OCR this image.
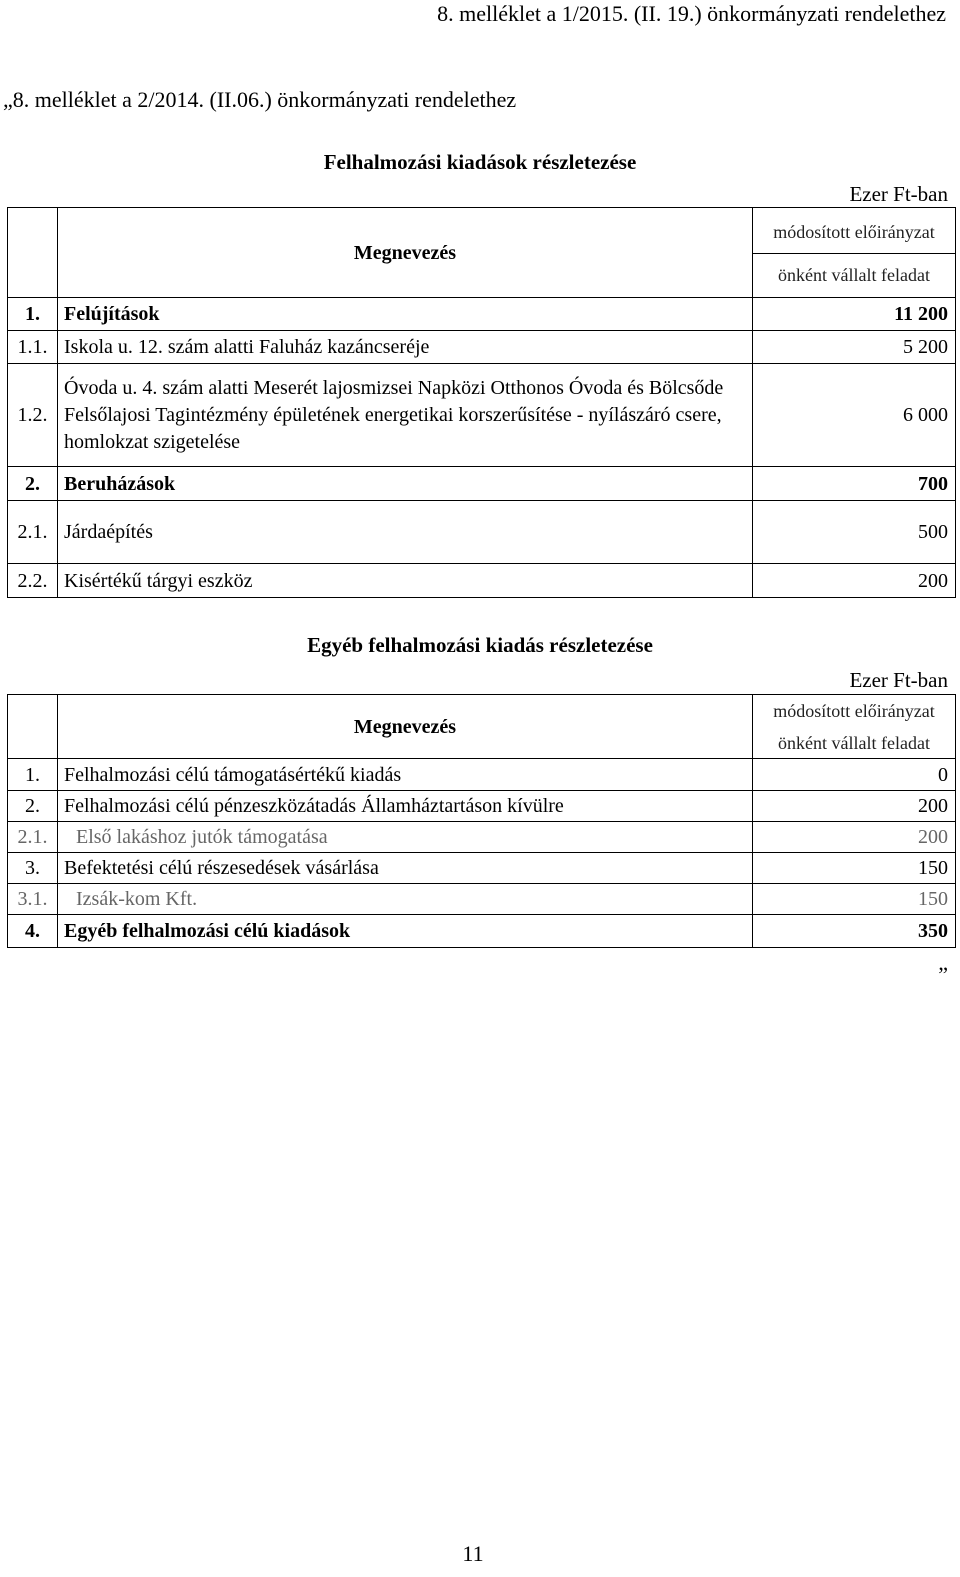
8. melléklet a 1/2015. (II. 19.) önkormányzati rendelethez
„8. melléklet a 2/2014. (II.06.) önkormányzati rendelethez
Felhalmozási kiadások részletezése
Ezer Ft-ban
	Megnevezés	módosított előirányzat
önként vállalt feladat

1.	Felújítások	11 200
1.1.	Iskola u. 12. szám alatti Faluház kazáncseréje	5 200
1.2.	Óvoda u. 4. szám alatti Meserét lajosmizsei Napközi Otthonos Óvoda és Bölcsőde Felsőlajosi Tagintézmény épületének energetikai korszerűsítése - nyílászáró csere, homlokzat szigetelése	6 000
2.	Beruházások	700
2.1.	Járdaépítés	500
2.2.	Kisértékű tárgyi eszköz	200
Egyéb felhalmozási kiadás részletezése
Ezer Ft-ban
	Megnevezés	módosított előirányzat
önként vállalt feladat

1.	Felhalmozási célú támogatásértékű kiadás	0
2.	Felhalmozási célú pénzeszközátadás Államháztartáson kívülre	200
2.1.	Első lakáshoz jutók támogatása	200
3.	Befektetési célú részesedések vásárlása	150
3.1.	Izsák-kom Kft.	150
4.	Egyéb felhalmozási célú kiadások	350
”
11
